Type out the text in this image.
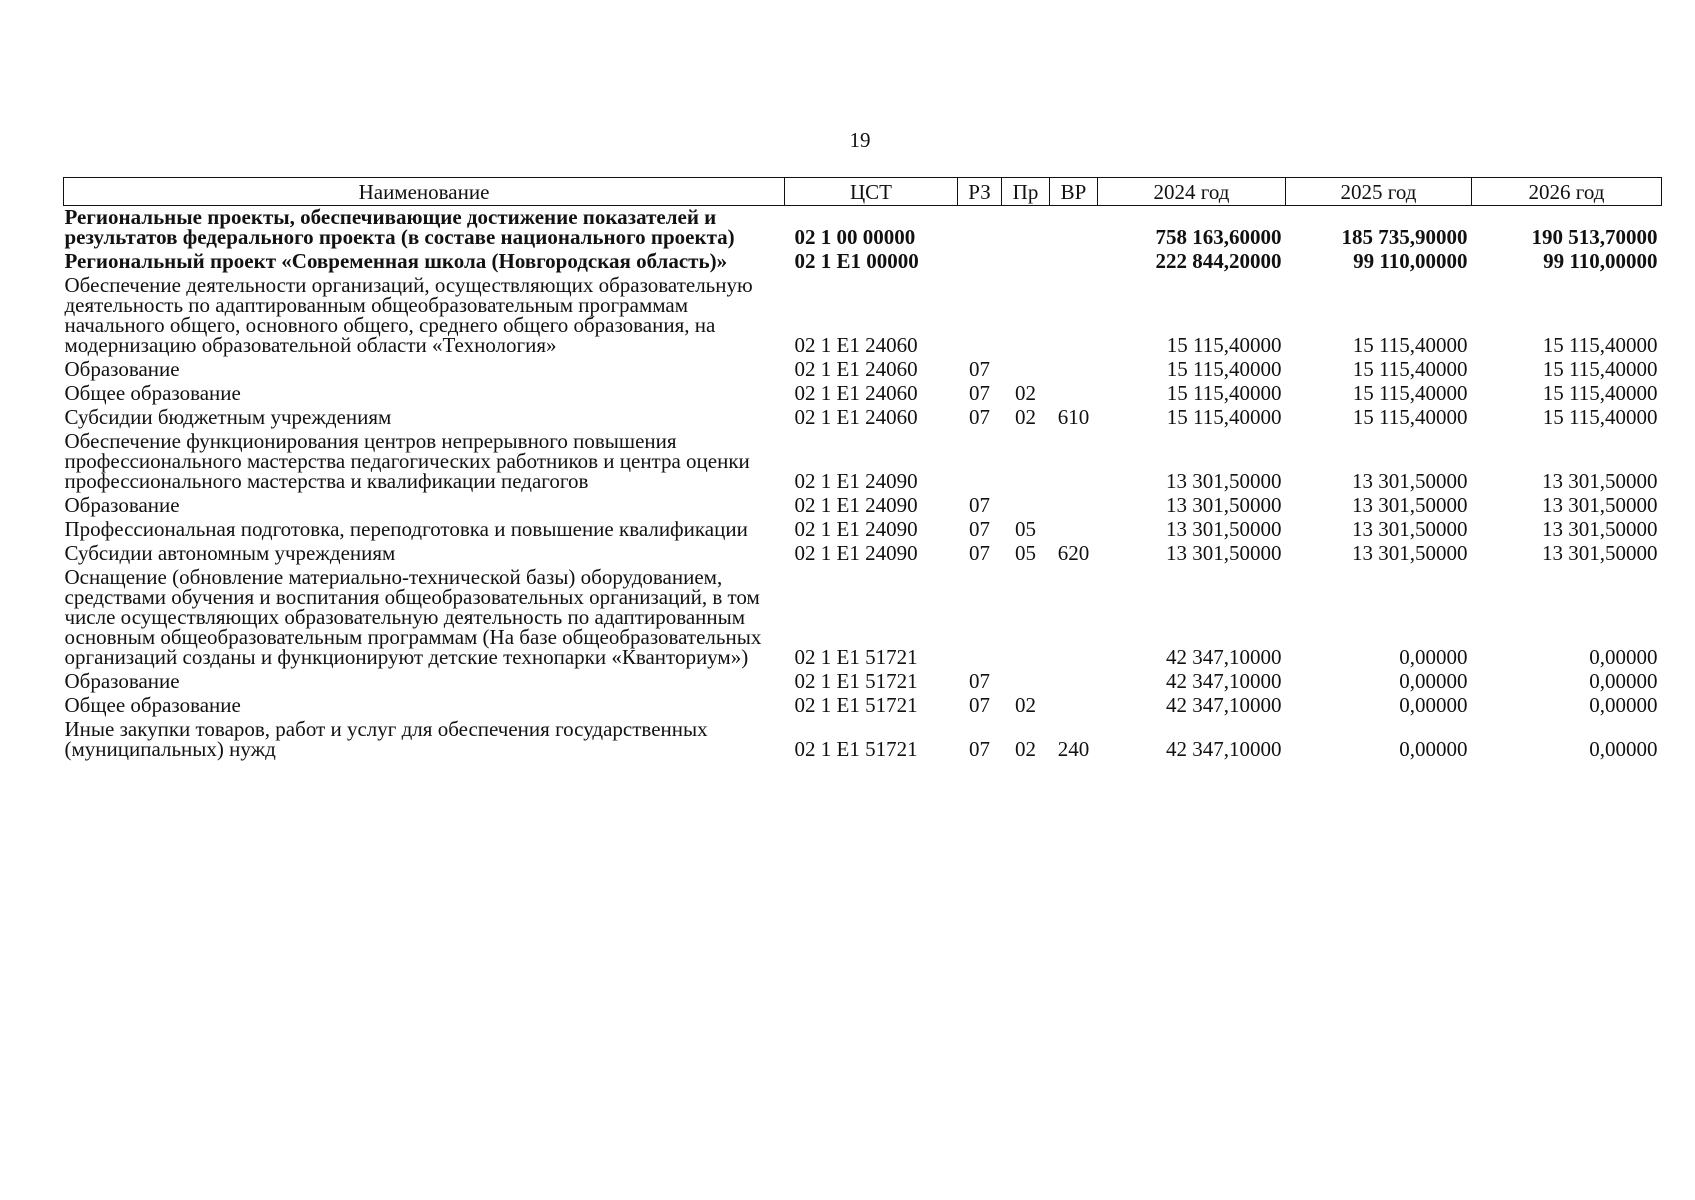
19
Наименование	ЦСТ	РЗ	Пр	ВР	2024 год	2025 год	2026 год
Региональные проекты, обеспечивающие достижение показателей и результатов федерального проекта (в составе национального проекта)	02 1 00 00000				758 163,60000	185 735,90000	190 513,70000
Региональный проект «Современная школа (Новгородская область)»	02 1 Е1 00000				222 844,20000	99 110,00000	99 110,00000
Обеспечение деятельности организаций, осуществляющих образовательную деятельность по адаптированным общеобразовательным программам начального общего, основного общего, среднего общего образования, на модернизацию образовательной области «Технология»	02 1 Е1 24060				15 115,40000	15 115,40000	15 115,40000
Образование	02 1 Е1 24060	07			15 115,40000	15 115,40000	15 115,40000
Общее образование	02 1 Е1 24060	07	02		15 115,40000	15 115,40000	15 115,40000
Субсидии бюджетным учреждениям	02 1 Е1 24060	07	02	610	15 115,40000	15 115,40000	15 115,40000
Обеспечение функционирования центров непрерывного повышения профессионального мастерства педагогических работников и центра оценки профессионального мастерства и квалификации педагогов	02 1 Е1 24090				13 301,50000	13 301,50000	13 301,50000
Образование	02 1 Е1 24090	07			13 301,50000	13 301,50000	13 301,50000
Профессиональная подготовка, переподготовка и повышение квалификации	02 1 Е1 24090	07	05		13 301,50000	13 301,50000	13 301,50000
Субсидии автономным учреждениям	02 1 Е1 24090	07	05	620	13 301,50000	13 301,50000	13 301,50000
Оснащение (обновление материально-технической базы) оборудованием, средствами обучения и воспитания общеобразовательных организаций, в том числе осуществляющих образовательную деятельность по адаптированным основным общеобразовательным программам (На базе общеобразовательных организаций созданы и функционируют детские технопарки «Кванториум»)	02 1 Е1 51721				42 347,10000	0,00000	0,00000
Образование	02 1 Е1 51721	07			42 347,10000	0,00000	0,00000
Общее образование	02 1 Е1 51721	07	02		42 347,10000	0,00000	0,00000
Иные закупки товаров, работ и услуг для обеспечения государственных (муниципальных) нужд	02 1 Е1 51721	07	02	240	42 347,10000	0,00000	0,00000
